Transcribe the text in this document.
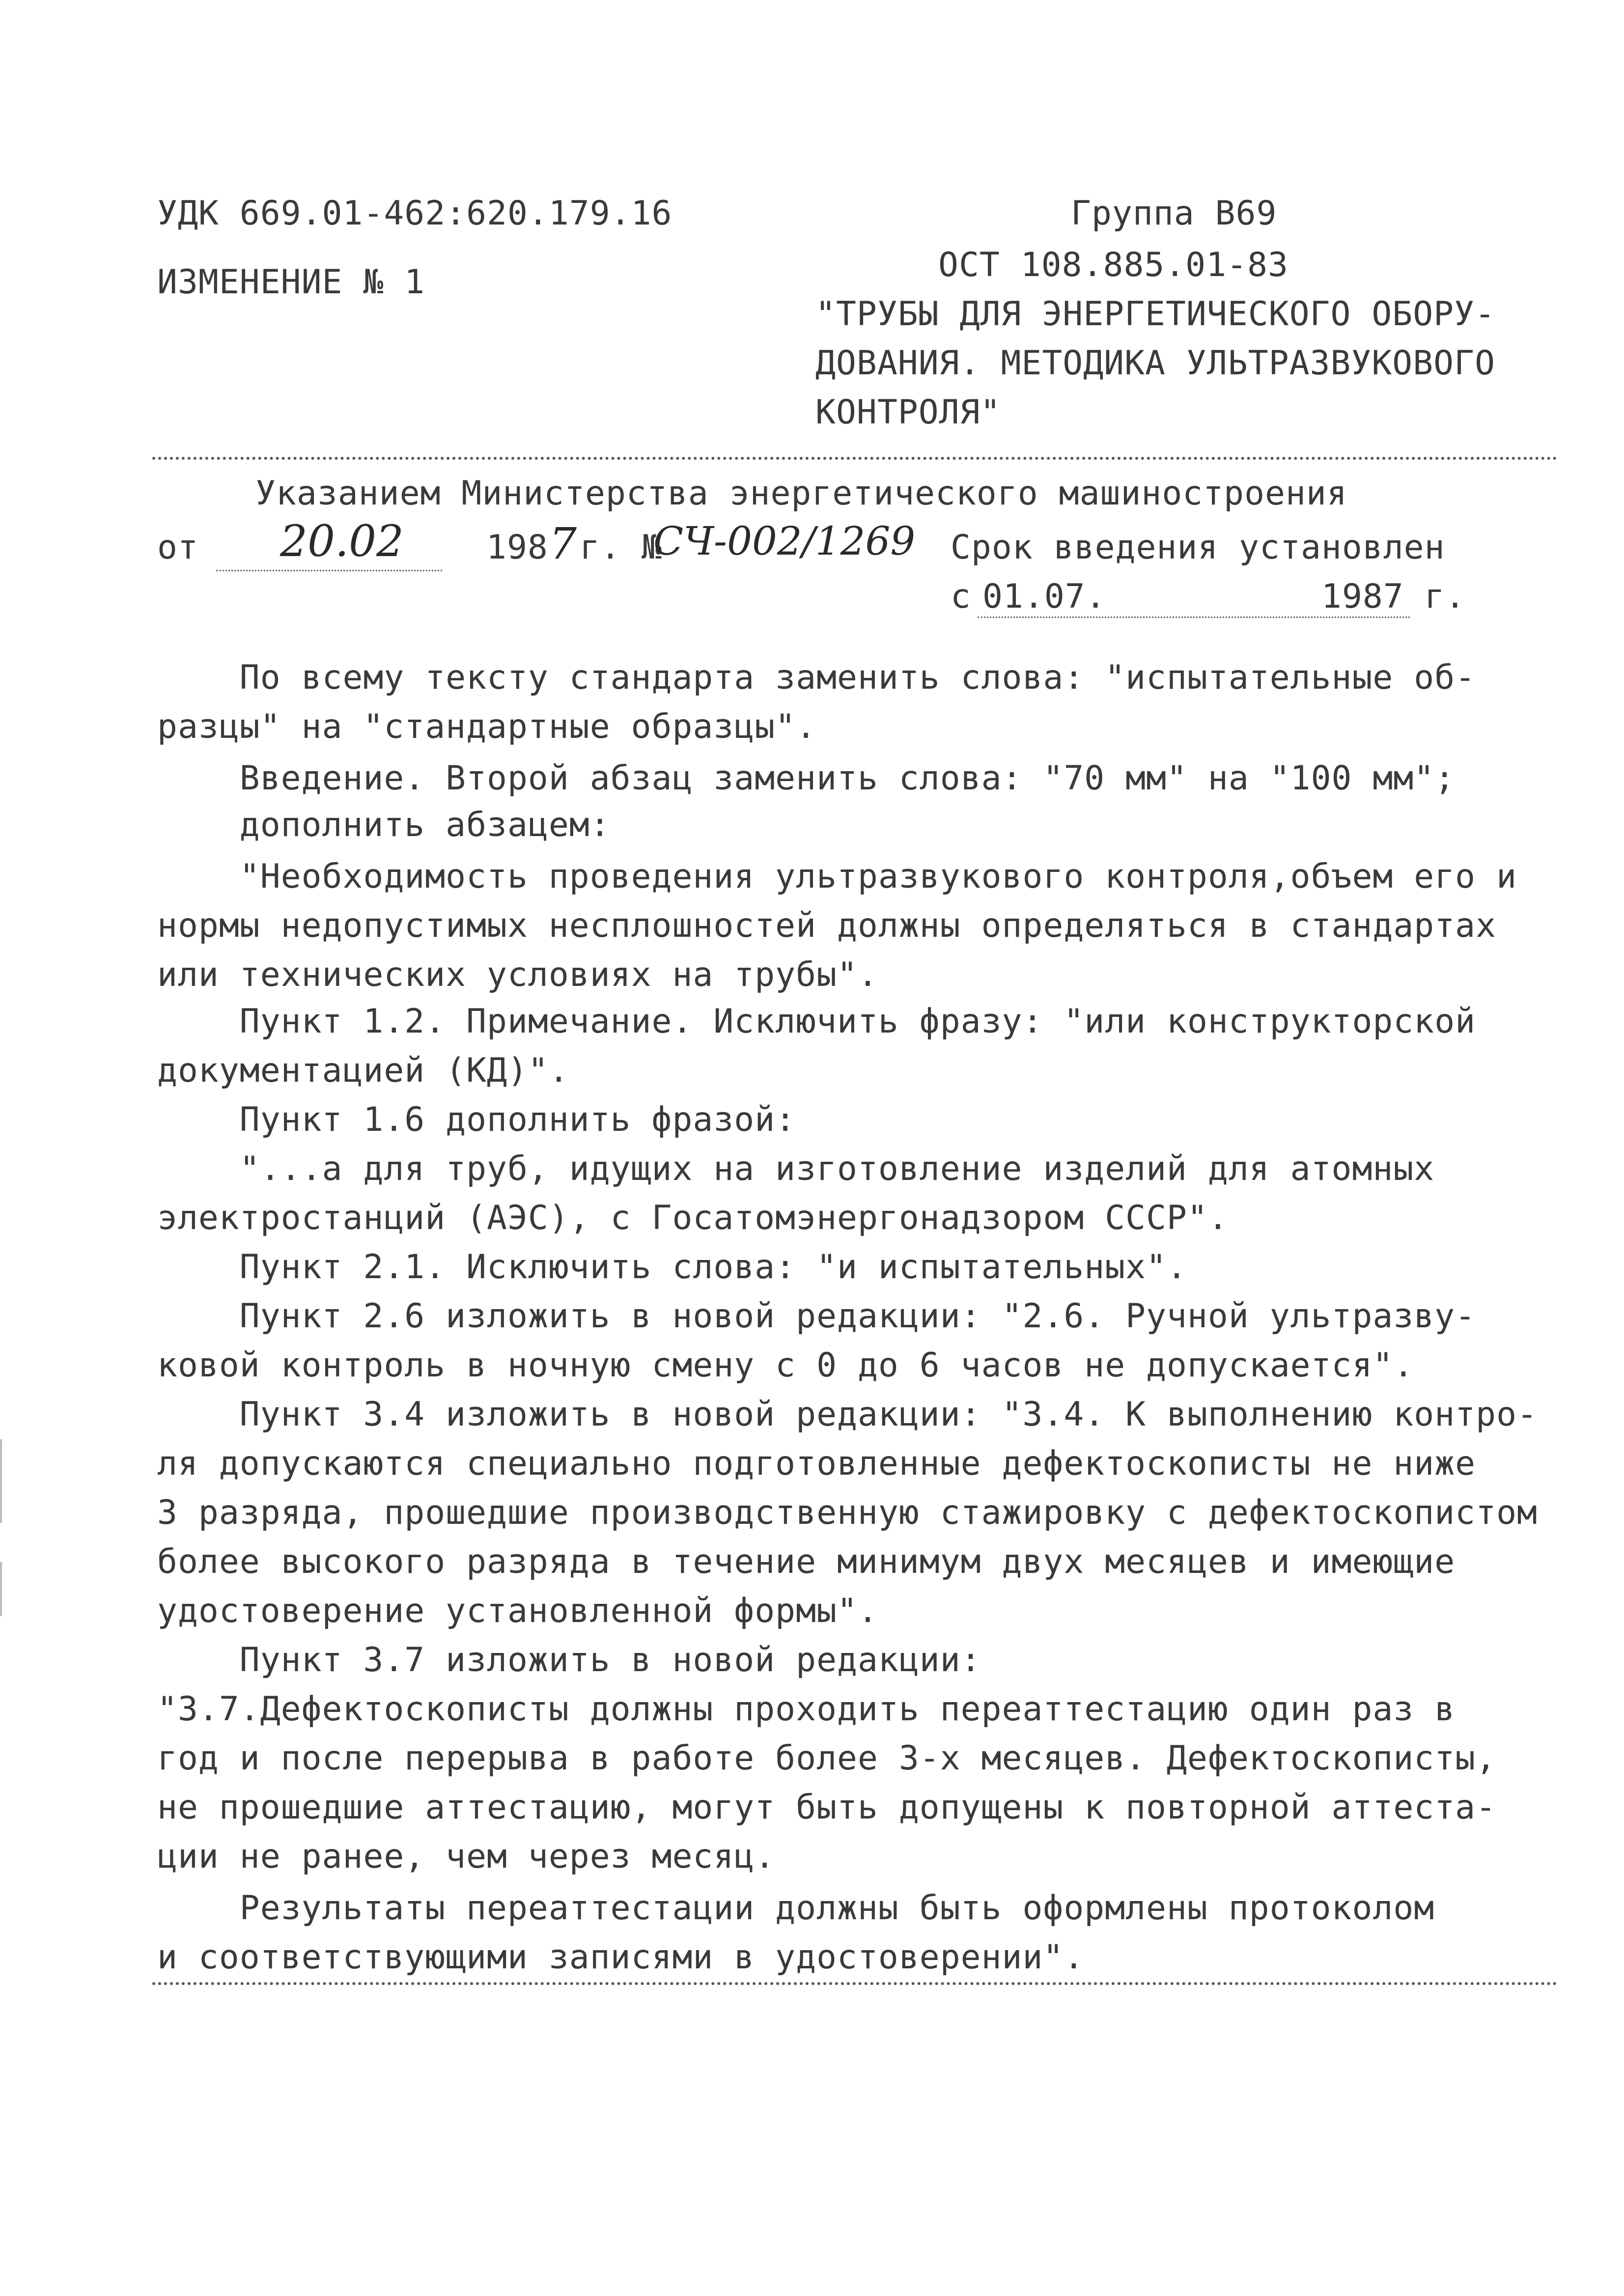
УДК 669.01-462:620.179.16
ИЗМЕНЕНИЕ № 1
Группа В69
ОСТ 108.885.01-83
"ТРУБЫ ДЛЯ ЭНЕРГЕТИЧЕСКОГО ОБОРУ-
ДОВАНИЯ. МЕТОДИКА УЛЬТРАЗВУКОВОГО
КОНТРОЛЯ"
Указанием Министерства энергетического машиностроения
от 20.02 198 7 г. №
СЧ-002/1269 Срок введения установлен
с 01.07.	1987 г.
По всему тексту стандарта заменить слова: "испытательные об-
разцы" на "стандартные образцы".
Введение. Второй абзац заменить слова: "70 мм" на "100 мм";
дополнить абзацем:
"Необходимость проведения ультразвукового контроля,объем его и
нормы недопустимых несплошностей должны определяться в стандартах
или технических условиях на трубы".
Пункт 1.2. Примечание. Исключить фразу: "или конструкторской
документацией (КД)".
Пункт 1.6 дополнить фразой:
"...а для труб, идущих на изготовление изделий для атомных
электростанций (АЭС), с Госатомэнергонадзором СССР".
Пункт 2.1. Исключить слова: "и испытательных".
Пункт 2.6 изложить в новой редакции: "2.6. Ручной ультразву-
ковой контроль в ночную смену с 0 до 6 часов не допускается".
Пункт 3.4 изложить в новой редакции: "3.4. К выполнению контро-
ля допускаются специально подготовленные дефектоскописты не ниже
3 разряда, прошедшие производственную стажировку с дефектоскопистом
более высокого разряда в течение минимум двух месяцев и имеющие
удостоверение установленной формы".
Пункт 3.7 изложить в новой редакции:
"3.7.Дефектоскописты должны проходить переаттестацию один раз в
год и после перерыва в работе более 3-х месяцев. Дефектоскописты,
не прошедшие аттестацию, могут быть допущены к повторной аттеста-
ции не ранее, чем через месяц.
Результаты переаттестации должны быть оформлены протоколом
и соответствующими записями в удостоверении".
